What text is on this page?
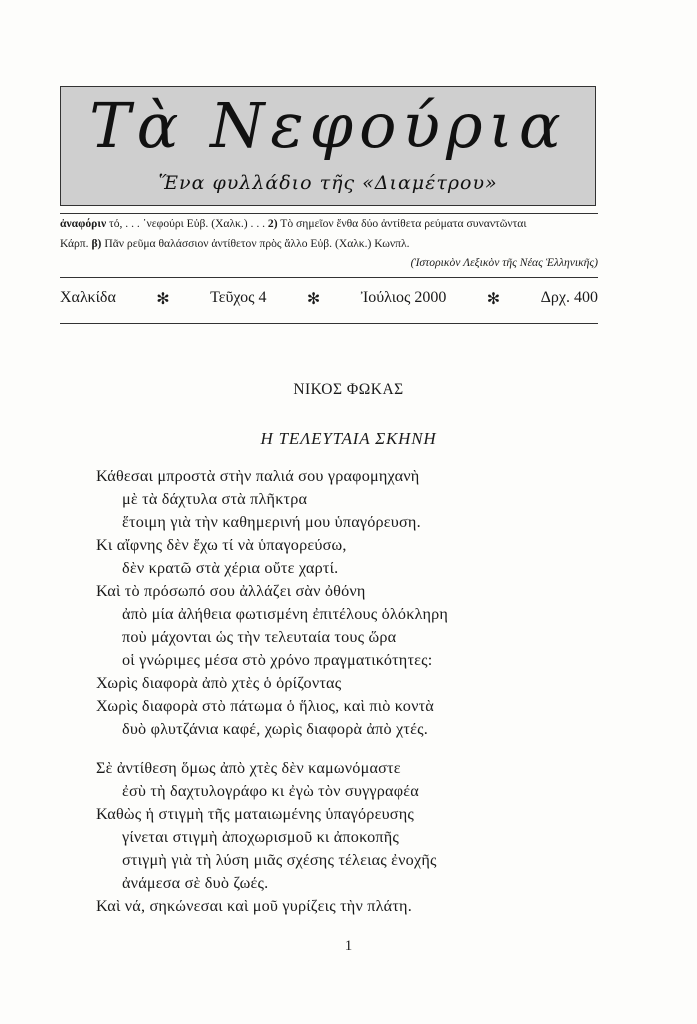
Τὰ Νεφούρια
Ἕνα φυλλάδιο τῆς «Διαμέτρου»
ἀναφόριν τό, . . . ᾿νεφούρι Εὐβ. (Χαλκ.) . . . 2) Τὸ σημεῖον ἔνθα δύο ἀντίθετα ρεύματα συναντῶνται
Κάρπ. β) Πᾶν ρεῦμα θαλάσσιον ἀντίθετον πρὸς ἄλλο Εὐβ. (Χαλκ.) Κωνπλ.
(Ἱστορικὸν Λεξικὸν τῆς Νέας Ἑλληνικῆς)
Χαλκίδα	✻	Τεῦχος 4	✻	Ἰούλιος 2000	✻	Δρχ. 400
ΝΙΚΟΣ ΦΩΚΑΣ
Η ΤΕΛΕΥΤΑΙΑ ΣΚΗΝΗ
Κάθεσαι μπροστὰ στὴν παλιά σου γραφομηχανὴ
μὲ τὰ δάχτυλα στὰ πλῆκτρα
ἕτοιμη γιὰ τὴν καθημερινή μου ὑπαγόρευση.
Κι αἴφνης δὲν ἔχω τί νὰ ὑπαγορεύσω,
δὲν κρατῶ στὰ χέρια οὔτε χαρτί.
Καὶ τὸ πρόσωπό σου ἀλλάζει σὰν ὀθόνη
ἀπὸ μία ἀλήθεια φωτισμένη ἐπιτέλους ὁλόκληρη
ποὺ μάχονται ὡς τὴν τελευταία τους ὥρα
οἱ γνώριμες μέσα στὸ χρόνο πραγματικότητες:
Χωρὶς διαφορὰ ἀπὸ χτὲς ὁ ὁρίζοντας
Χωρὶς διαφορὰ στὸ πάτωμα ὁ ἥλιος, καὶ πιὸ κοντὰ
δυὸ φλυτζάνια καφέ, χωρὶς διαφορὰ ἀπὸ χτές.
Σὲ ἀντίθεση ὅμως ἀπὸ χτὲς δὲν καμωνόμαστε
ἐσὺ τὴ δαχτυλογράφο κι ἐγὼ τὸν συγγραφέα
Καθὼς ἡ στιγμὴ τῆς ματαιωμένης ὑπαγόρευσης
γίνεται στιγμὴ ἀποχωρισμοῦ κι ἀποκοπῆς
στιγμὴ γιὰ τὴ λύση μιᾶς σχέσης τέλειας ἐνοχῆς
ἀνάμεσα σὲ δυὸ ζωές.
Καὶ νά, σηκώνεσαι καὶ μοῦ γυρίζεις τὴν πλάτη.
1
